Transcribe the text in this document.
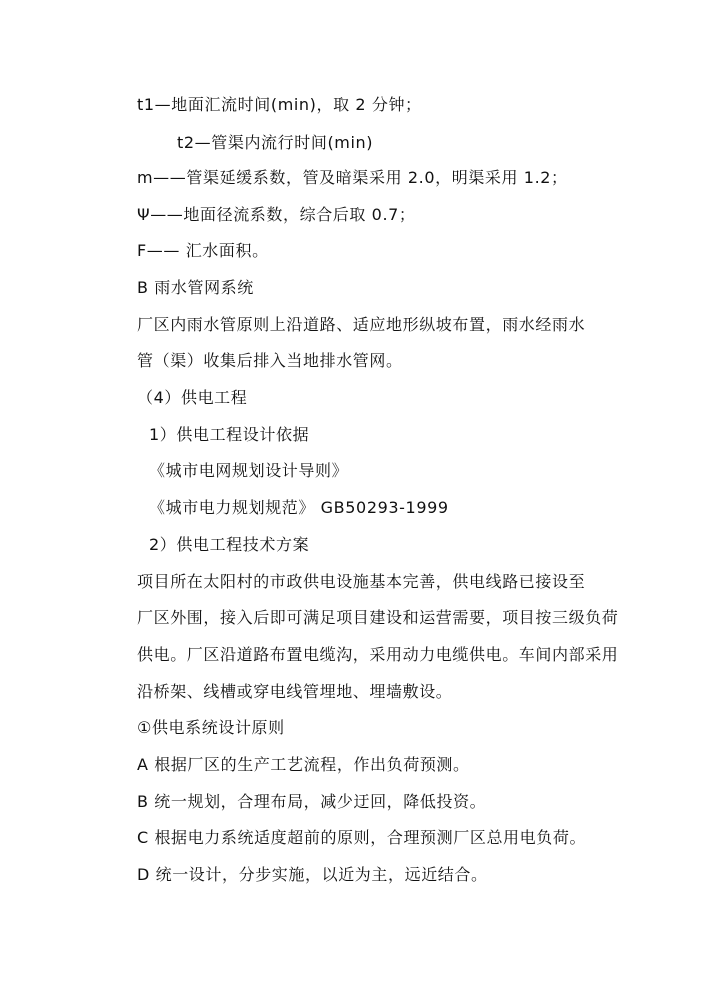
t1—地面汇流时间(min)，取 2 分钟；
t2—管渠内流行时间(min)
m——管渠延缓系数，管及暗渠采用 2.0，明渠采用 1.2；
Ψ——地面径流系数，综合后取 0.7；
F—— 汇水面积。
B 雨水管网系统
厂区内雨水管原则上沿道路、适应地形纵坡布置，雨水经雨水
管（渠）收集后排入当地排水管网。
（4）供电工程
1）供电工程设计依据
《城市电网规划设计导则》
《城市电力规划规范》 GB50293-1999
2）供电工程技术方案
项目所在太阳村的市政供电设施基本完善，供电线路已接设至
厂区外围，接入后即可满足项目建设和运营需要，项目按三级负荷
供电。厂区沿道路布置电缆沟，采用动力电缆供电。车间内部采用
沿桥架、线槽或穿电线管埋地、埋墙敷设。
①供电系统设计原则
A 根据厂区的生产工艺流程，作出负荷预测。
B 统一规划，合理布局，减少迂回，降低投资。
C 根据电力系统适度超前的原则，合理预测厂区总用电负荷。
D 统一设计，分步实施，以近为主，远近结合。
